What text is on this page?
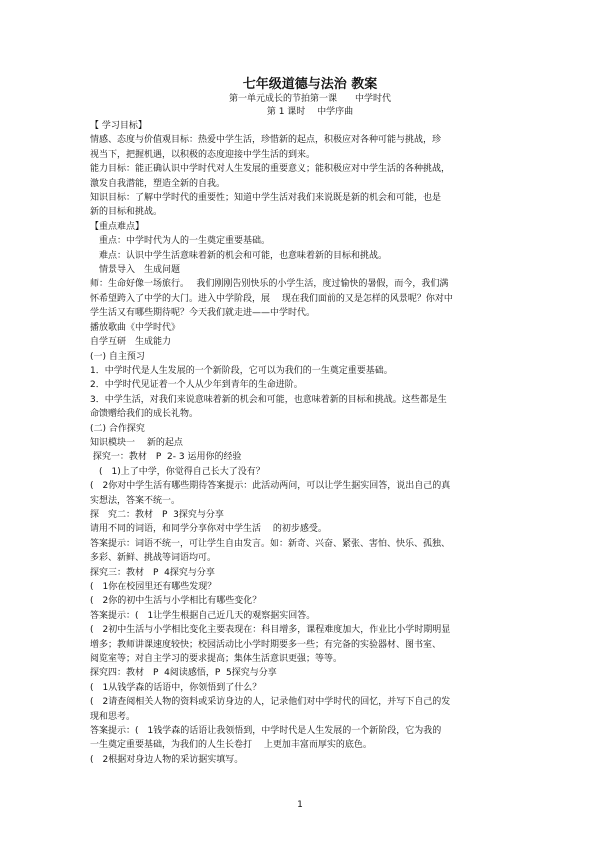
七年级道德与法治 教案
第一单元成长的节拍第一课　　中学时代
第 1 课时　 中学序曲

【 学习目标】

情感、态度与价值观目标：热爱中学生活，珍惜新的起点，积极应对各种可能与挑战，珍

视当下，把握机遇，以积极的态度迎接中学生活的到来。

能力目标：能正确认识中学时代对人生发展的重要意义；能积极应对中学生活的各种挑战，

激发自我潜能，塑造全新的自我。

知识目标：了解中学时代的重要性；知道中学生活对我们来说既是新的机会和可能，也是

新的目标和挑战。

【重点难点】

　重点：中学时代为人的一生奠定重要基础。

　难点：认识中学生活意味着新的机会和可能，也意味着新的目标和挑战。

　情景导入　生成问题

师：生命好像一场旅行。　 我们刚刚告别快乐的小学生活，度过愉快的暑假，而今，我们满

怀希望跨入了中学的大门。进入中学阶段，展　 现在我们面前的又是怎样的风景呢？你对中

学生活又有哪些期待呢？今天我们就走进——中学时代。

播放歌曲《中学时代》

自学互研　生成能力

(一) 自主预习

1．中学时代是人生发展的一个新阶段，它可以为我们的一生奠定重要基础。

2．中学时代见证着一个人从少年到青年的生命进阶。

3．中学生活，对我们来说意味着新的机会和可能，也意味着新的目标和挑战。这些都是生

命馈赠给我们的成长礼物。

(二) 合作探究

知识模块一　 新的起点

探究一：教材　P  2- 3 运用你的经验

　(　1)上了中学，你觉得自己长大了没有？

(　2你对中学生活有哪些期待答案提示：此活动两问，可以让学生据实回答，说出自己的真

实想法，答案不统一。

探　究二：教材　P  3探究与分享

请用不同的词语，和同学分享你对中学生活　 的初步感受。

答案提示：词语不统一，可让学生自由发言。如：新奇、兴奋、紧张、害怕、快乐、孤独、

多彩、新鲜、挑战等词语均可。

探究三：教材　P  4探究与分享

(　1你在校园里还有哪些发现？

(　2你的初中生活与小学相比有哪些变化？

答案提示：(　1让学生根据自己近几天的观察据实回答。

(　2初中生活与小学相比变化主要表现在：科目增多，课程难度加大，作业比小学时期明显

增多；教师讲课速度较快；校园活动比小学时期要多一些；有完备的实验器材、图书室、

阅览室等；对自主学习的要求提高；集体生活意识更强；等等。

探究四：教材　P  4阅读感悟，P  5探究与分享

(　1从钱学森的话语中，你领悟到了什么？

(　2请查阅相关人物的资料或采访身边的人，记录他们对中学时代的回忆，并写下自己的发

现和思考。

答案提示：(　1钱学森的话语让我领悟到，中学时代是人生发展的一个新阶段，它为我的

一生奠定重要基础，为我们的人生长卷打　 上更加丰富而厚实的底色。

(　2根据对身边人物的采访据实填写。

1
